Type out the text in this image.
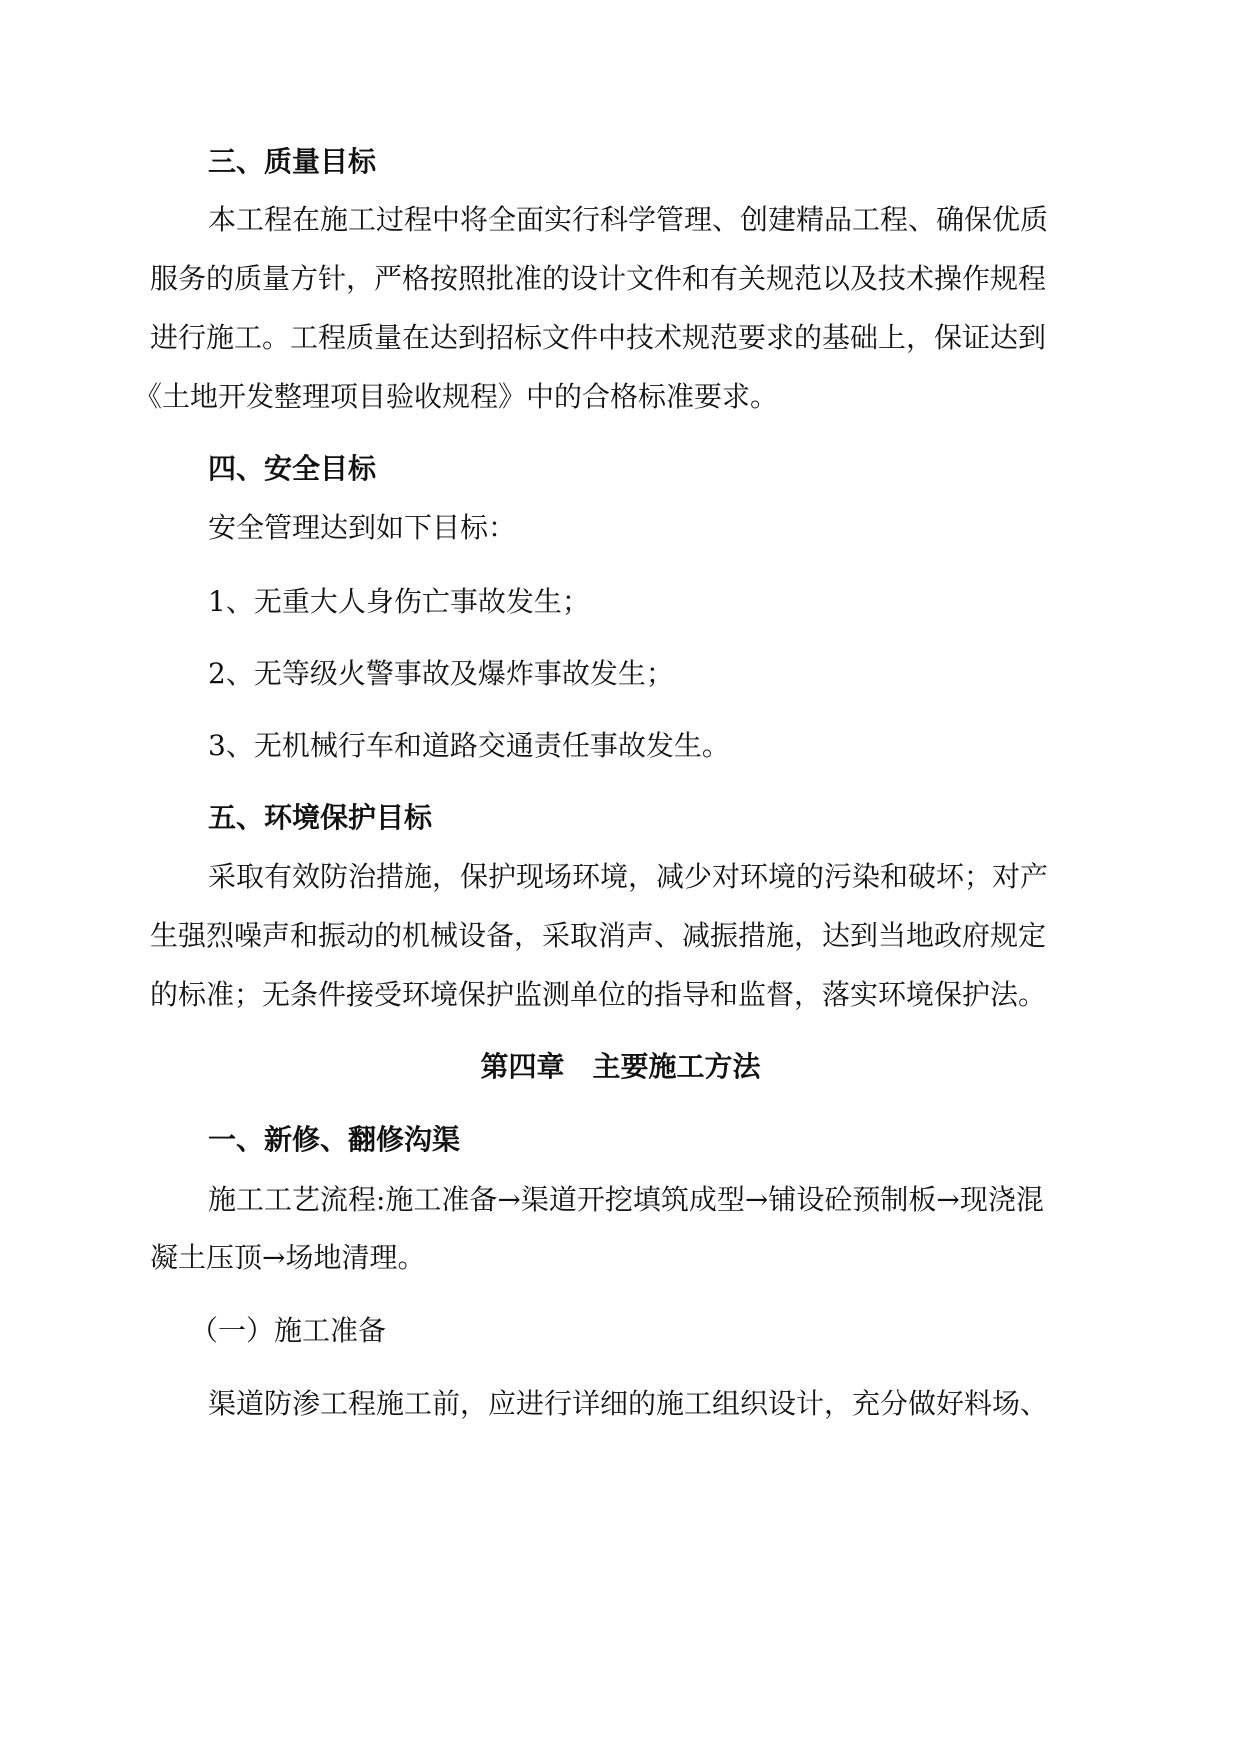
三、质量目标
本工程在施工过程中将全面实行科学管理、创建精品工程、确保优质
服务的质量方针，严格按照批准的设计文件和有关规范以及技术操作规程
进行施工。工程质量在达到招标文件中技术规范要求的基础上，保证达到
《土地开发整理项目验收规程》中的合格标准要求。
四、安全目标
安全管理达到如下目标：
1、无重大人身伤亡事故发生；
2、无等级火警事故及爆炸事故发生；
3、无机械行车和道路交通责任事故发生。
五、环境保护目标
采取有效防治措施，保护现场环境，减少对环境的污染和破坏；对产
生强烈噪声和振动的机械设备，采取消声、减振措施，达到当地政府规定
的标准；无条件接受环境保护监测单位的指导和监督，落实环境保护法。
第四章　主要施工方法
一、新修、翻修沟渠
施工工艺流程:施工准备→渠道开挖填筑成型→铺设砼预制板→现浇混
凝土压顶→场地清理。
（一）施工准备
渠道防渗工程施工前，应进行详细的施工组织设计，充分做好料场、
